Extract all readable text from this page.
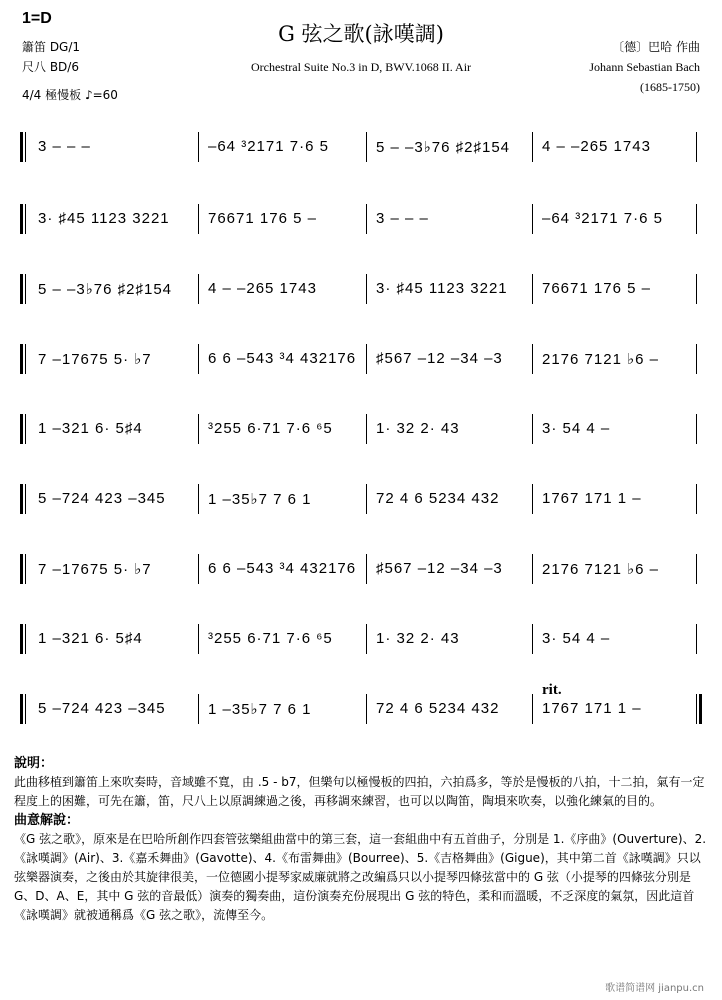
1=D
簫笛 DG/1
尺八 BD/6
4/4 極慢板 ♪=60
G 弦之歌(詠嘆調)
Orchestral Suite No.3 in D, BWV.1068 II. Air
〔德〕巴哈 作曲
Johann Sebastian Bach
(1685-1750)
3 – – –	–64 ³2171 7·6 5	5 – –3♭76 ♯2♯154 4 – –265 1743
3· ♯45 1123 3221	76671 176 5 –	3 – – –	–64 ³2171 7·6 5
5 – –3♭76 ♯2♯154 4 – –265 1743	3· ♯45 1123 3221 76671 176 5 –
7 –17675 5· ♭7	6 6 –543 ³4 432176 ♯567 –12 –34 –3	2176 7121 ♭6 –
1 –321 6· 5♯4	³255 6·71 7·6 ⁶5	1· 32 2· 43	3· 54 4 –
5 –724 423 –345	1 –35♭7 7 6 1	72 4 6 5234 432	1767 171 1 –
7 –17675 5· ♭7	6 6 –543 ³4 432176 ♯567 –12 –34 –3	2176 7121 ♭6 –
1 –321 6· 5♯4	³255 6·71 7·6 ⁶5	1· 32 2· 43	3· 54 4 –
5 –724 423 –345	1 –35♭7 7 6 1	72 4 6 5234 432	1767 171 1 –
rit.
說明：
此曲移植到簫笛上來吹奏時，音域雖不寬，由 .5 - b7，但樂句以極慢板的四拍，六拍爲多，等於是慢板的八拍，十二拍，氣有一定程度上的困難，可先在簫，笛，尺八上以原調練過之後，再移調來練習，也可以以陶笛，陶塤來吹奏，以強化練氣的目的。
曲意解說：
《G 弦之歌》，原來是在巴哈所創作四套管弦樂組曲當中的第三套，這一套組曲中有五首曲子，分別是 1.《序曲》(Ouverture)、2.《詠嘆調》(Air)、3.《嘉禾舞曲》(Gavotte)、4.《布雷舞曲》(Bourree)、5.《吉格舞曲》(Gigue)，其中第二首《詠嘆調》只以弦樂器演奏，之後由於其旋律很美，一位德國小提琴家威廉就將之改編爲只以小提琴四條弦當中的 G 弦（小提琴的四條弦分別是 G、D、A、E，其中 G 弦的音最低）演奏的獨奏曲，這份演奏充份展現出 G 弦的特色，柔和而溫暖，不乏深度的氣氛，因此這首《詠嘆調》就被通稱爲《G 弦之歌》，流傳至今。
歌谱简谱网 jianpu.cn
